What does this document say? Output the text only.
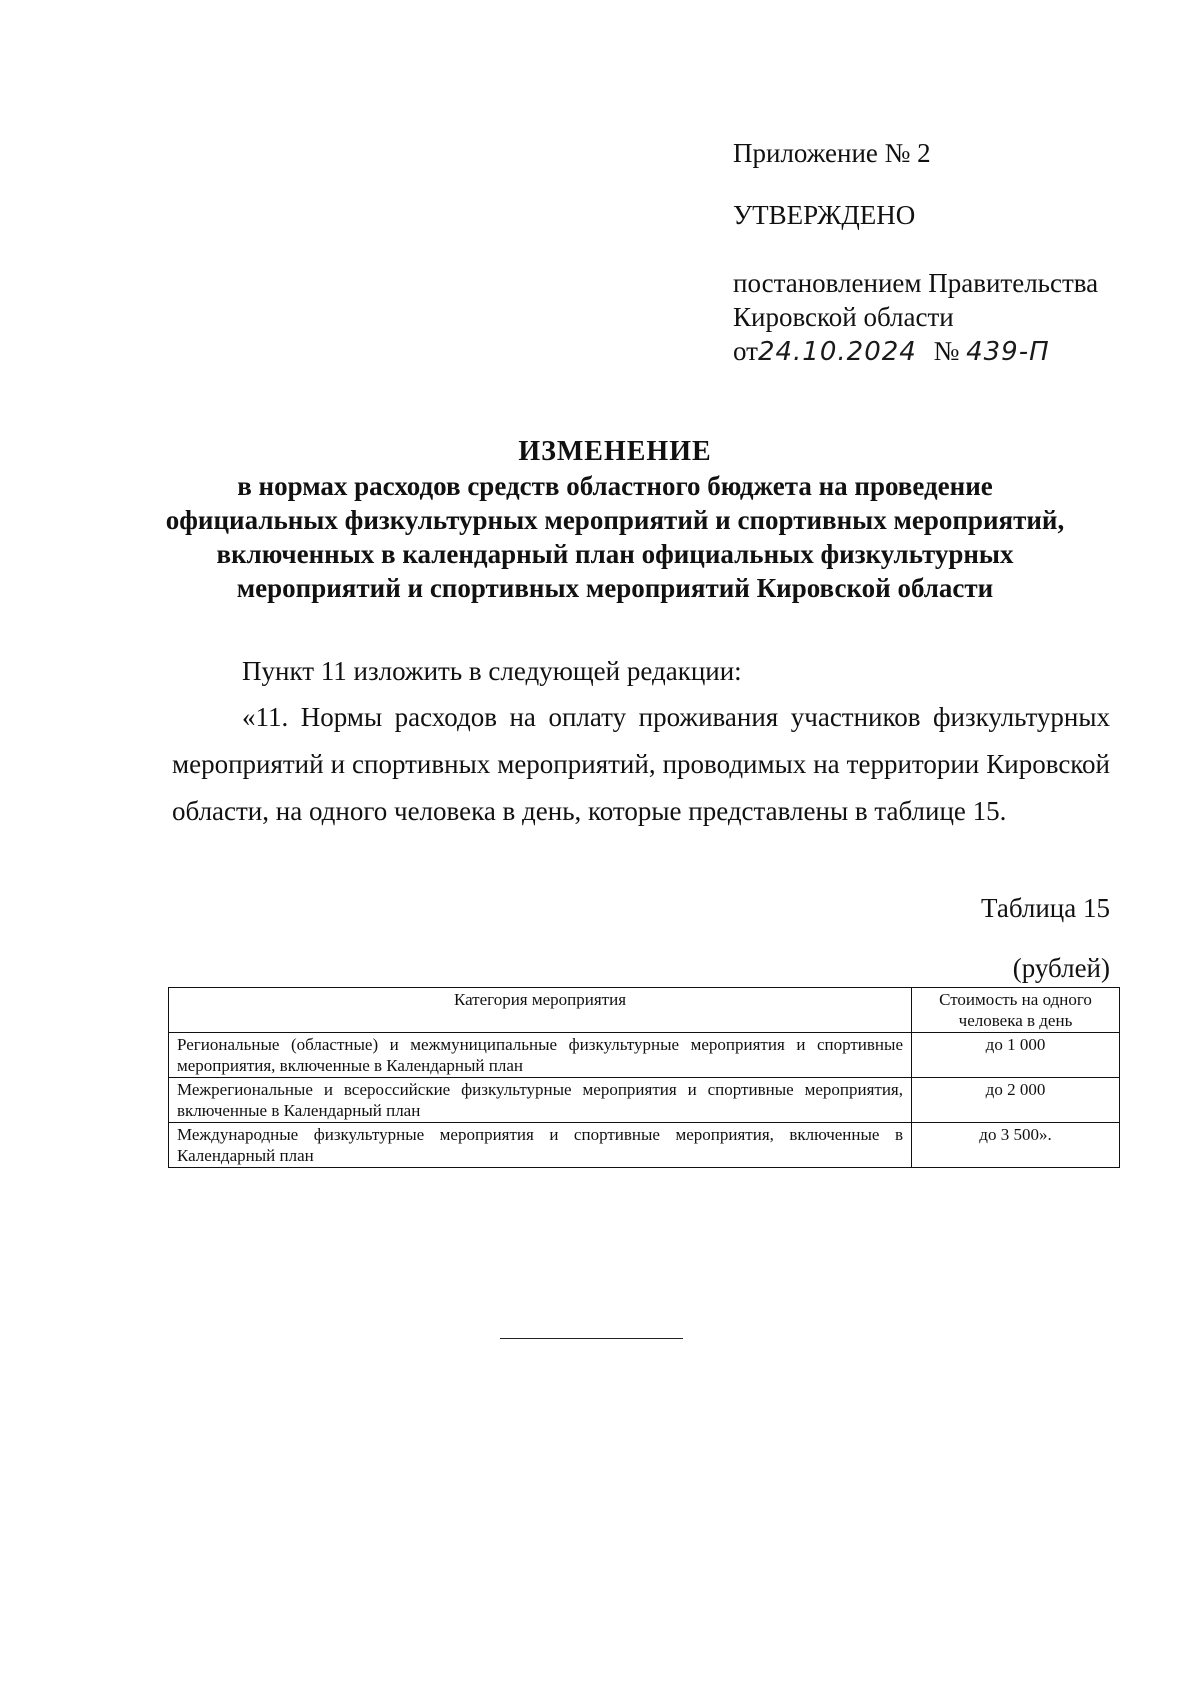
Приложение № 2
УТВЕРЖДЕНО
постановлением Правительства
Кировской области
от24.10.2024 № 439-П
ИЗМЕНЕНИЕ
в нормах расходов средств областного бюджета на проведение
официальных физкультурных мероприятий и спортивных мероприятий,
включенных в календарный план официальных физкультурных
мероприятий и спортивных мероприятий Кировской области
Пункт 11 изложить в следующей редакции:
«11. Нормы расходов на оплату проживания участников физкультурных мероприятий и спортивных мероприятий, проводимых на территории Кировской области, на одного человека в день, которые представлены в таблице 15.
Таблица 15
(рублей)
Категория мероприятия	Стоимость на одного человека в день
Региональные (областные) и межмуниципальные физкультурные мероприятия и спортивные мероприятия, включенные в Календарный план	до 1 000
Межрегиональные и всероссийские физкультурные мероприятия и спортивные мероприятия, включенные в Календарный план	до 2 000
Международные физкультурные мероприятия и спортивные мероприятия, включенные в Календарный план	до 3 500».
